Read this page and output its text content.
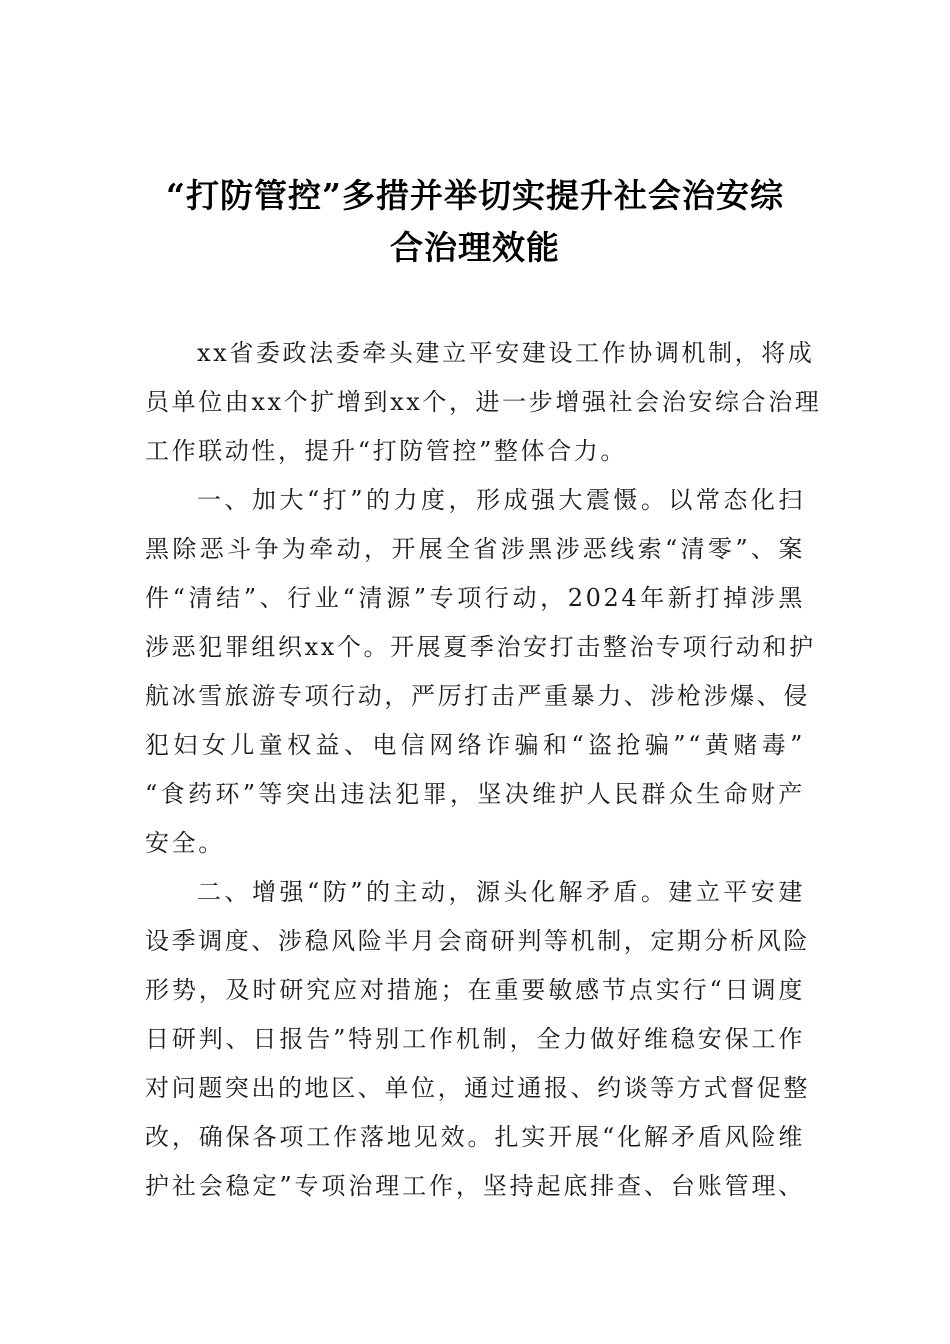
“打防管控”多措并举切实提升社会治安综
合治理效能
xx省委政法委牵头建立平安建设工作协调机制，将成
员单位由xx个扩增到xx个，进一步增强社会治安综合治理
工作联动性，提升“打防管控”整体合力。
一、加大“打”的力度，形成强大震慑。以常态化扫
黑除恶斗争为牵动，开展全省涉黑涉恶线索“清零”、案
件“清结”、行业“清源”专项行动，2024年新打掉涉黑
涉恶犯罪组织xx个。开展夏季治安打击整治专项行动和护
航冰雪旅游专项行动，严厉打击严重暴力、涉枪涉爆、侵
犯妇女儿童权益、电信网络诈骗和“盗抢骗”“黄赌毒”
“食药环”等突出违法犯罪，坚决维护人民群众生命财产
安全。
二、增强“防”的主动，源头化解矛盾。建立平安建
设季调度、涉稳风险半月会商研判等机制，定期分析风险
形势，及时研究应对措施；在重要敏感节点实行“日调度
日研判、日报告”特别工作机制，全力做好维稳安保工作
对问题突出的地区、单位，通过通报、约谈等方式督促整
改，确保各项工作落地见效。扎实开展“化解矛盾风险维
护社会稳定”专项治理工作，坚持起底排查、台账管理、
